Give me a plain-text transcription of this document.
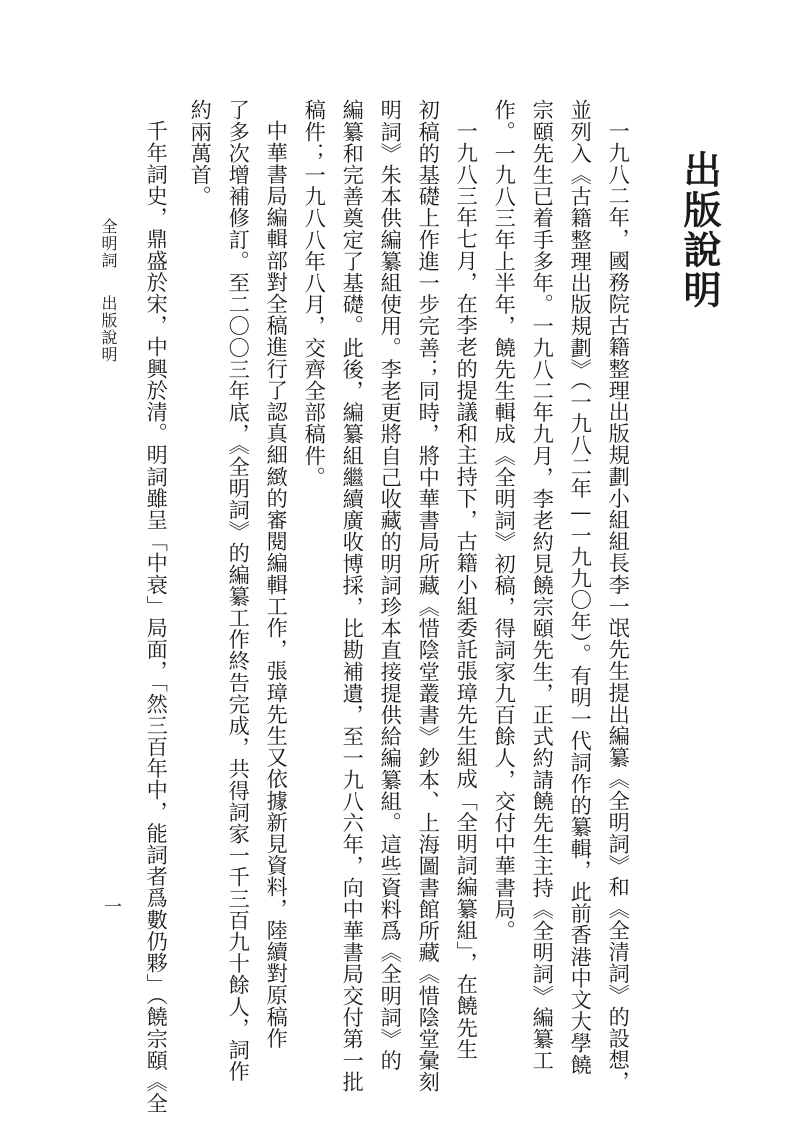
出版說明
一九八二年，國務院古籍整理出版規劃小組組長李一氓先生提出編纂《全明詞》和《全清詞》的設想，
並列入《古籍整理出版規劃》（一九八二年—一九九〇年）。有明一代詞作的纂輯，此前香港中文大學饒
宗頤先生已着手多年。一九八二年九月，李老約見饒宗頤先生，正式約請饒先生主持《全明詞》編纂工
作。一九八三年上半年，饒先生輯成《全明詞》初稿，得詞家九百餘人，交付中華書局。
一九八三年七月，在李老的提議和主持下，古籍小組委託張璋先生組成「全明詞編纂組」，在饒先生
初稿的基礎上作進一步完善；同時，將中華書局所藏《惜陰堂叢書》鈔本、上海圖書館所藏《惜陰堂彙刻
明詞》朱本供編纂組使用。李老更將自己收藏的明詞珍本直接提供給編纂組。這些資料爲《全明詞》的
編纂和完善奠定了基礎。此後，編纂組繼續廣收博採，比勘補遺，至一九八六年，向中華書局交付第一批
稿件；一九八八年八月，交齊全部稿件。
中華書局編輯部對全稿進行了認真細緻的審閱編輯工作，張璋先生又依據新見資料，陸續對原稿作
了多次增補修訂。至二〇〇三年底，《全明詞》的編纂工作終告完成，共得詞家一千三百九十餘人，詞作
約兩萬首。
千年詞史，鼎盛於宋，中興於清。明詞雖呈「中衰」局面，「然三百年中，能詞者爲數仍夥」（饒宗頤《全
全明詞
出版說明
一
